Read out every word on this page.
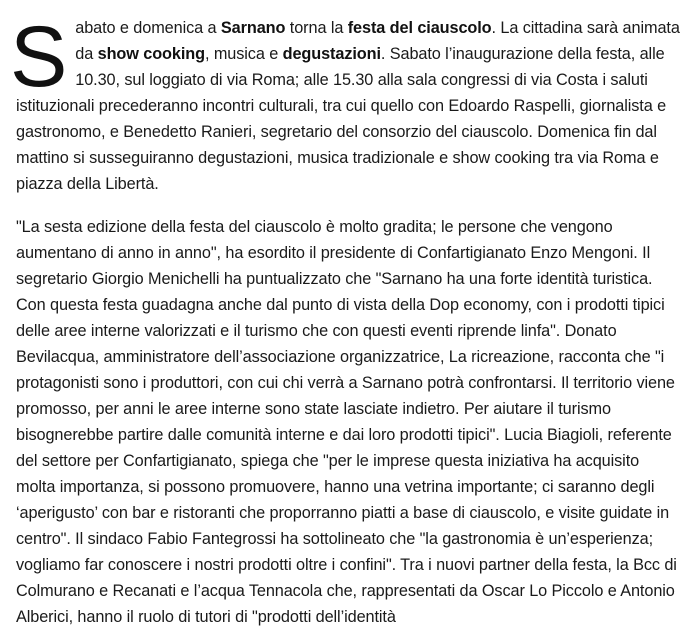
S abato e domenica a Sarnano torna la festa del ciauscolo. La cittadina sarà animata da show cooking, musica e degustazioni. Sabato l’inaugurazione della festa, alle 10.30, sul loggiato di via Roma; alle 15.30 alla sala congressi di via Costa i saluti istituzionali precederanno incontri culturali, tra cui quello con Edoardo Raspelli, giornalista e gastronomo, e Benedetto Ranieri, segretario del consorzio del ciauscolo. Domenica fin dal mattino si susseguiranno degustazioni, musica tradizionale e show cooking tra via Roma e piazza della Libertà.

"La sesta edizione della festa del ciauscolo è molto gradita; le persone che vengono aumentano di anno in anno", ha esordito il presidente di Confartigianato Enzo Mengoni. Il segretario Giorgio Menichelli ha puntualizzato che "Sarnano ha una forte identità turistica. Con questa festa guadagna anche dal punto di vista della Dop economy, con i prodotti tipici delle aree interne valorizzati e il turismo che con questi eventi riprende linfa". Donato Bevilacqua, amministratore dell’associazione organizzatrice, La ricreazione, racconta che "i protagonisti sono i produttori, con cui chi verrà a Sarnano potrà confrontarsi. Il territorio viene promosso, per anni le aree interne sono state lasciate indietro. Per aiutare il turismo bisognerebbe partire dalle comunità interne e dai loro prodotti tipici". Lucia Biagioli, referente del settore per Confartigianato, spiega che "per le imprese questa iniziativa ha acquisito molta importanza, si possono promuovere, hanno una vetrina importante; ci saranno degli ‘aperigusto’ con bar e ristoranti che proporranno piatti a base di ciauscolo, e visite guidate in centro". Il sindaco Fabio Fantegrossi ha sottolineato che "la gastronomia è un’esperienza; vogliamo far conoscere i nostri prodotti oltre i confini". Tra i nuovi partner della festa, la Bcc di Colmurano e Recanati e l’acqua Tennacola che, rappresentati da Oscar Lo Piccolo e Antonio Alberici, hanno il ruolo di tutori di "prodotti dell’identità
